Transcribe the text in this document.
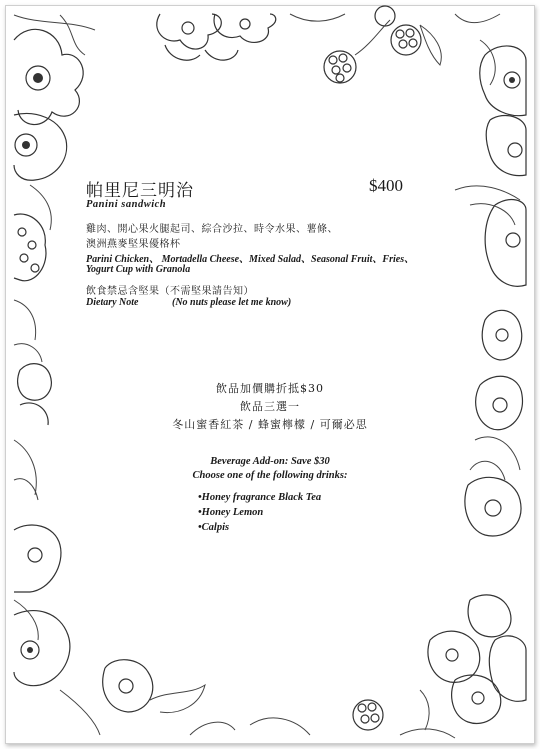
帕里尼三明治	$400
Panini sandwich
雞肉、開心果火腿起司、綜合沙拉、時令水果、薯條、
澳洲燕麥堅果優格杯
Parini Chicken、 Mortadella Cheese、Mixed Salad、Seasonal Fruit、Fries、
Yogurt Cup with Granola
飲食禁忌含堅果（不需堅果請告知）
Dietary Note	(No nuts please let me know)
飲品加價購折抵$30
飲品三選一
冬山蜜香紅茶 / 蜂蜜檸檬 / 可爾必思
Beverage Add-on: Save $30
Choose one of the following drinks:
•Honey fragrance Black Tea
•Honey Lemon
•Calpis
